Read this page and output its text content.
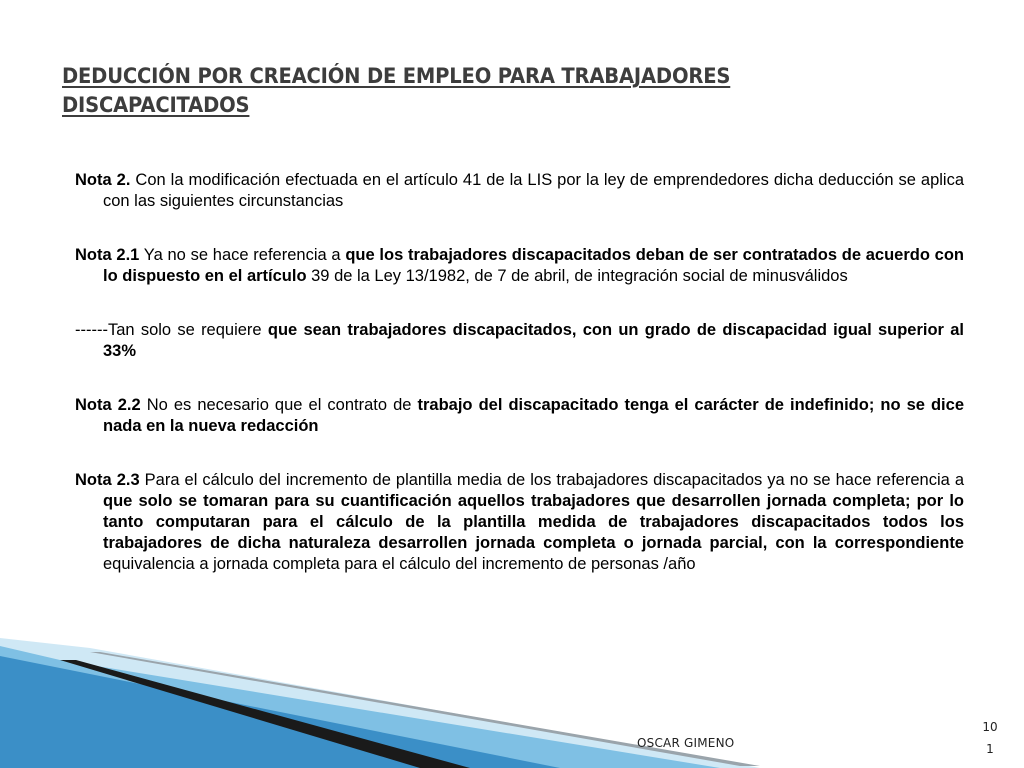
DEDUCCIÓN POR CREACIÓN DE EMPLEO PARA TRABAJADORES DISCAPACITADOS

Nota 2. Con la modificación efectuada en el artículo 41 de la LIS por la ley de emprendedores dicha deducción se aplica con las siguientes circunstancias

Nota 2.1 Ya no se hace referencia a que los trabajadores discapacitados deban de ser contratados de acuerdo con lo dispuesto en el artículo 39 de la Ley 13/1982, de 7 de abril, de integración social de minusválidos

------Tan solo se requiere que sean trabajadores discapacitados, con un grado de discapacidad igual superior al 33%

Nota 2.2 No es necesario que el contrato de trabajo del discapacitado tenga el carácter de indefinido; no se dice nada en la nueva redacción

Nota 2.3 Para el cálculo del incremento de plantilla media de los trabajadores discapacitados ya no se hace referencia a que solo se tomaran para su cuantificación aquellos trabajadores que desarrollen jornada completa; por lo tanto computaran para el cálculo de la plantilla medida de trabajadores discapacitados todos los trabajadores de dicha naturaleza desarrollen jornada completa o jornada parcial, con la correspondiente equivalencia a jornada completa para el cálculo del incremento de personas /año

OSCAR GIMENO
10
1
